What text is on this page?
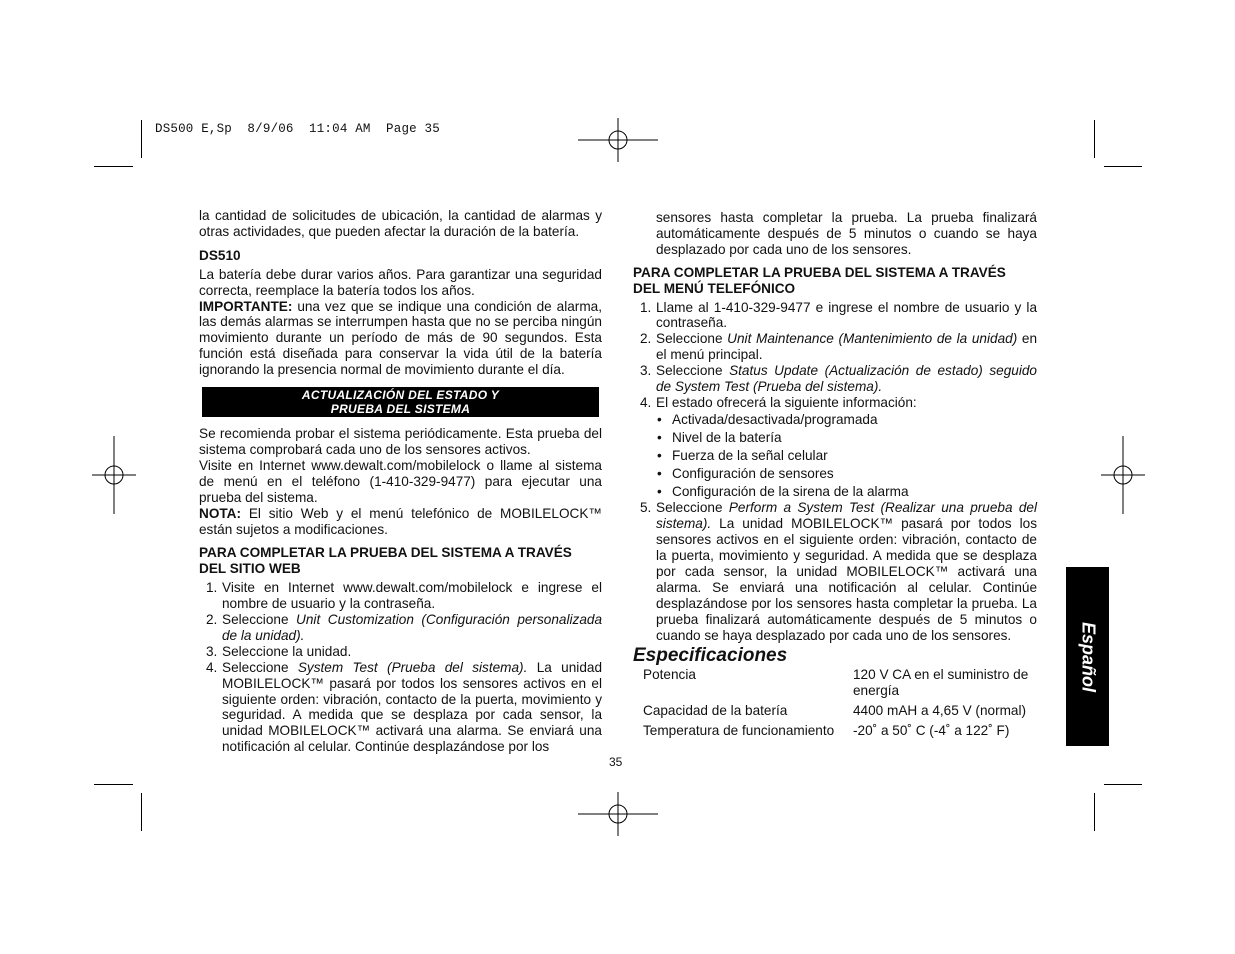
DS500 E,Sp  8/9/06  11:04 AM  Page 35

la cantidad de solicitudes de ubicación, la cantidad de alarmas y otras actividades, que pueden afectar la duración de la batería.

DS510

La batería debe durar varios años. Para garantizar una seguridad correcta, reemplace la batería todos los años.

IMPORTANTE: una vez que se indique una condición de alarma, las demás alarmas se interrumpen hasta que no se perciba ningún movimiento durante un período de más de 90 segundos. Esta función está diseñada para conservar la vida útil de la batería ignorando la presencia normal de movimiento durante el día.

ACTUALIZACIÓN DEL ESTADO Y
PRUEBA DEL SISTEMA

Se recomienda probar el sistema periódicamente. Esta prueba del sistema comprobará cada uno de los sensores activos.

Visite en Internet www.dewalt.com/mobilelock o llame al sistema de menú en el teléfono (1-410-329-9477) para ejecutar una prueba del sistema.

NOTA: El sitio Web y el menú telefónico de MOBILELOCK™ están sujetos a modificaciones.

PARA COMPLETAR LA PRUEBA DEL SISTEMA A TRAVÉS DEL SITIO WEB
1. Visite en Internet www.dewalt.com/mobilelock e ingrese el nombre de usuario y la contraseña.
2. Seleccione Unit Customization (Configuración personalizada de la unidad).
3. Seleccione la unidad.
4. Seleccione System Test (Prueba del sistema). La unidad MOBILELOCK™ pasará por todos los sensores activos en el siguiente orden: vibración, contacto de la puerta, movimiento y seguridad. A medida que se desplaza por cada sensor, la unidad MOBILELOCK™ activará una alarma. Se enviará una notificación al celular. Continúe desplazándose por los

sensores hasta completar la prueba. La prueba finalizará automáticamente después de 5 minutos o cuando se haya desplazado por cada uno de los sensores.

PARA COMPLETAR LA PRUEBA DEL SISTEMA A TRAVÉS
DEL MENÚ TELEFÓNICO
1. Llame al 1-410-329-9477 e ingrese el nombre de usuario y la contraseña.
2. Seleccione Unit Maintenance (Mantenimiento de la unidad) en el menú principal.
3. Seleccione Status Update (Actualización de estado) seguido de System Test (Prueba del sistema).
4. El estado ofrecerá la siguiente información:
• Activada/desactivada/programada
• Nivel de la batería
• Fuerza de la señal celular
• Configuración de sensores
• Configuración de la sirena de la alarma
5. Seleccione Perform a System Test (Realizar una prueba del sistema). La unidad MOBILELOCK™ pasará por todos los sensores activos en el siguiente orden: vibración, contacto de la puerta, movimiento y seguridad. A medida que se desplaza por cada sensor, la unidad MOBILELOCK™ activará una alarma. Se enviará una notificación al celular. Continúe desplazándose por los sensores hasta completar la prueba. La prueba finalizará automáticamente después de 5 minutos o cuando se haya desplazado por cada uno de los sensores.
Especificaciones
Potencia	120 V CA en el suministro de energía
Capacidad de la batería	4400 mAH a 4,65 V (normal)
Temperatura de funcionamiento	-20˚ a 50˚ C (-4˚ a 122˚ F)
35
Español
